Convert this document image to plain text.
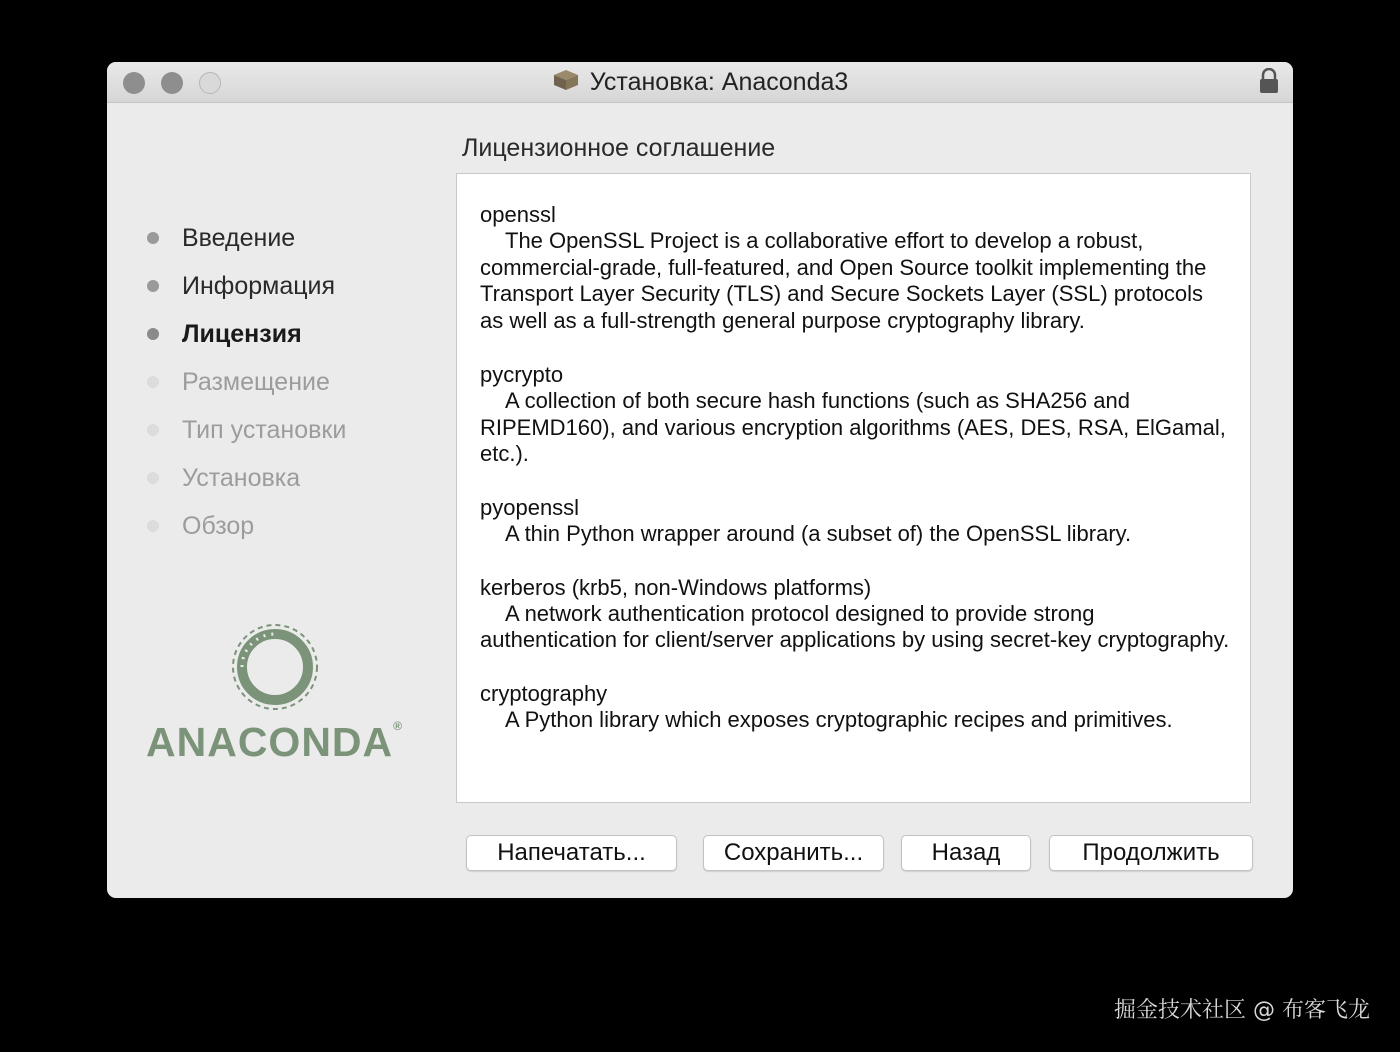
Установка: Anaconda3
Введение
Информация
Лицензия
Размещение
Тип установки
Установка
Обзор
ANACONDA®
Лицензионное соглашение
openssl

The OpenSSL Project is a collaborative effort to develop a robust, commercial-grade, full-featured, and Open Source toolkit implementing the Transport Layer Security (TLS) and Secure Sockets Layer (SSL) protocols as well as a full-strength general purpose cryptography library.

pycrypto

A collection of both secure hash functions (such as SHA256 and RIPEMD160), and various encryption algorithms (AES, DES, RSA, ElGamal, etc.).

pyopenssl

A thin Python wrapper around (a subset of) the OpenSSL library.

kerberos (krb5, non-Windows platforms)

A network authentication protocol designed to provide strong authentication for client/server applications by using secret-key cryptography.

cryptography

A Python library which exposes cryptographic recipes and primitives.

Напечатать...	Сохранить...	Назад	Продолжить
掘金技术社区 @ 布客飞龙
